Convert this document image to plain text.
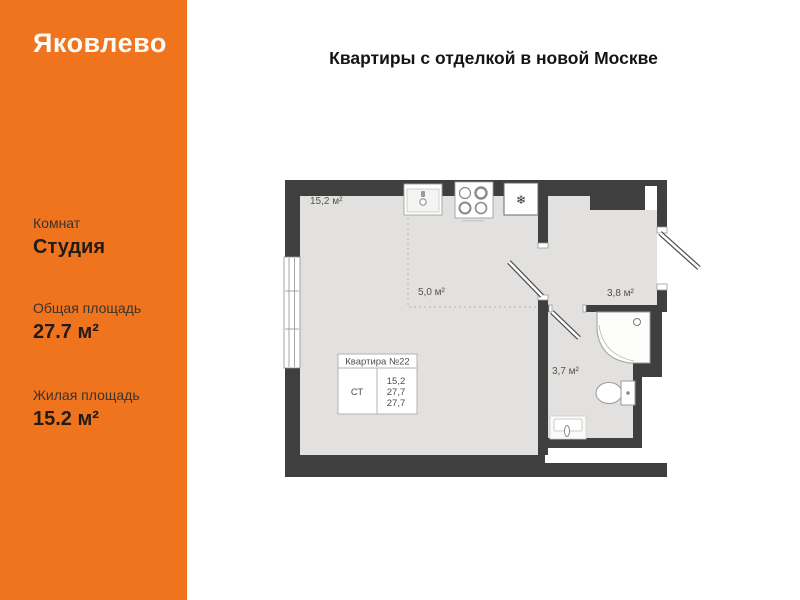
Яковлево
Комнат
Студия
Общая площадь
27.7 м²
Жилая площадь
15.2 м²
Квартиры с отделкой в новой Москве
❄
15,2 м²
5,0 м²	3,8 м²
3,7 м²
Квартира №22
СТ
15,2
27,7
27,7
